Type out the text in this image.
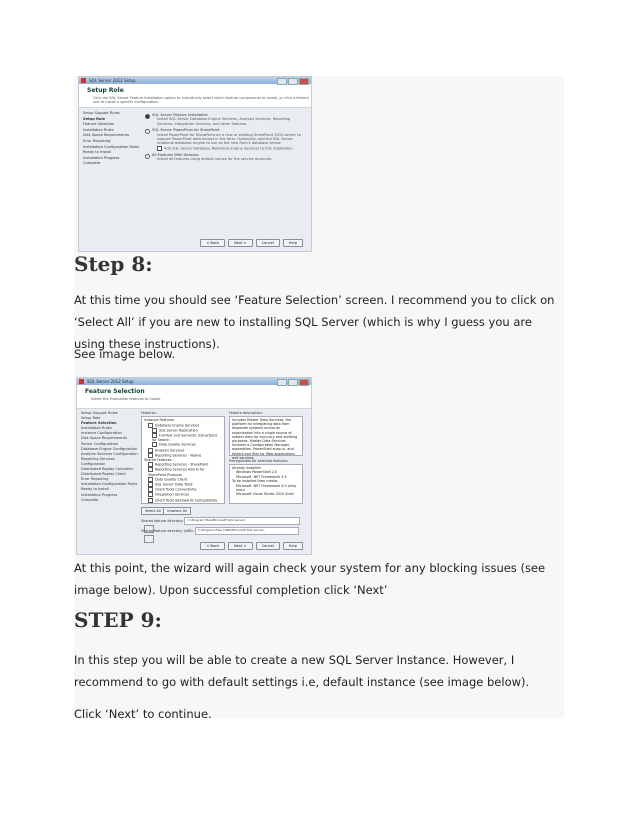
SQL Server 2012 Setup
Setup Role
Click the SQL Server Feature Installation option to individually select which feature components to install, or click a feature role to install a specific configuration.
Setup Support Rules
Setup Role
Feature Selection
Installation Rules
Disk Space Requirements
Error Reporting
Installation Configuration Rules
Ready to Install
Installation Progress
Complete
SQL Server Feature Installation
Install SQL Server Database Engine Services, Analysis Services, Reporting Services, Integration Services, and other features.
SQL Server PowerPivot for SharePoint
Install PowerPivot for SharePoint on a new or existing SharePoint 2010 server to support PowerPivot data access in the farm. Optionally, add the SQL Server relational database engine to use as the new farm's database server.
Add SQL Server Database Relational Engine Services to this installation
All Features With Defaults
Install all features using default values for the service accounts.
< Back	Next >	Cancel	Help
Step 8:

At this time you should see ‘Feature Selection’ screen. I recommend you to click on ‘Select All’ if you are new to installing SQL Server (which is why I guess you are using these instructions).

See image below.

SQL Server 2012 Setup
Feature Selection
Select the Evaluation features to install.
Setup Support Rules
Setup Role
Feature Selection
Installation Rules
Instance Configuration
Disk Space Requirements
Server Configuration
Database Engine Configuration
Analysis Services Configuration
Reporting Services Configuration
Distributed Replay Controller
Distributed Replay Client
Error Reporting
Installation Configuration Rules
Ready to Install
Installation Progress
Complete
Features:
Instance Features
Database Engine Services
SQL Server Replication
Full-Text and Semantic Extractions for Search
Data Quality Services
Analysis Services
Reporting Services - Native
Shared Features
Reporting Services - SharePoint
Reporting Services Add-in for SharePoint Products
Data Quality Client
SQL Server Data Tools
Client Tools Connectivity
Integration Services
Client Tools Backwards Compatibility
Feature description:
Includes Master Data Services, the platform for integrating data from disparate systems across an organization into a single source of master data for accuracy and auditing purposes. Master Data Services includes a Configuration Manager, assemblies, PowerShell snap-in, and folders and files for Web applications and services.
Prerequisites for selected features:
Already installed:
Windows PowerShell 2.0
Microsoft .NET Framework 3.5
To be installed from media:
Microsoft .NET Framework 4.0 (may requi
Microsoft Visual Studio 2010 Shell
Select All	Unselect All
Shared feature directory: C:\Program Files\Microsoft SQL Server\
Shared feature directory (x86): C:\Program Files (x86)\Microsoft SQL Server\
< Back	Next >	Cancel	Help

At this point, the wizard will again check your system for any blocking issues (see image below). Upon successful completion click ‘Next’

STEP 9:

In this step you will be able to create a new SQL Server Instance. However, I recommend to go with default settings i.e, default instance (see image below).

Click ‘Next’ to continue.
